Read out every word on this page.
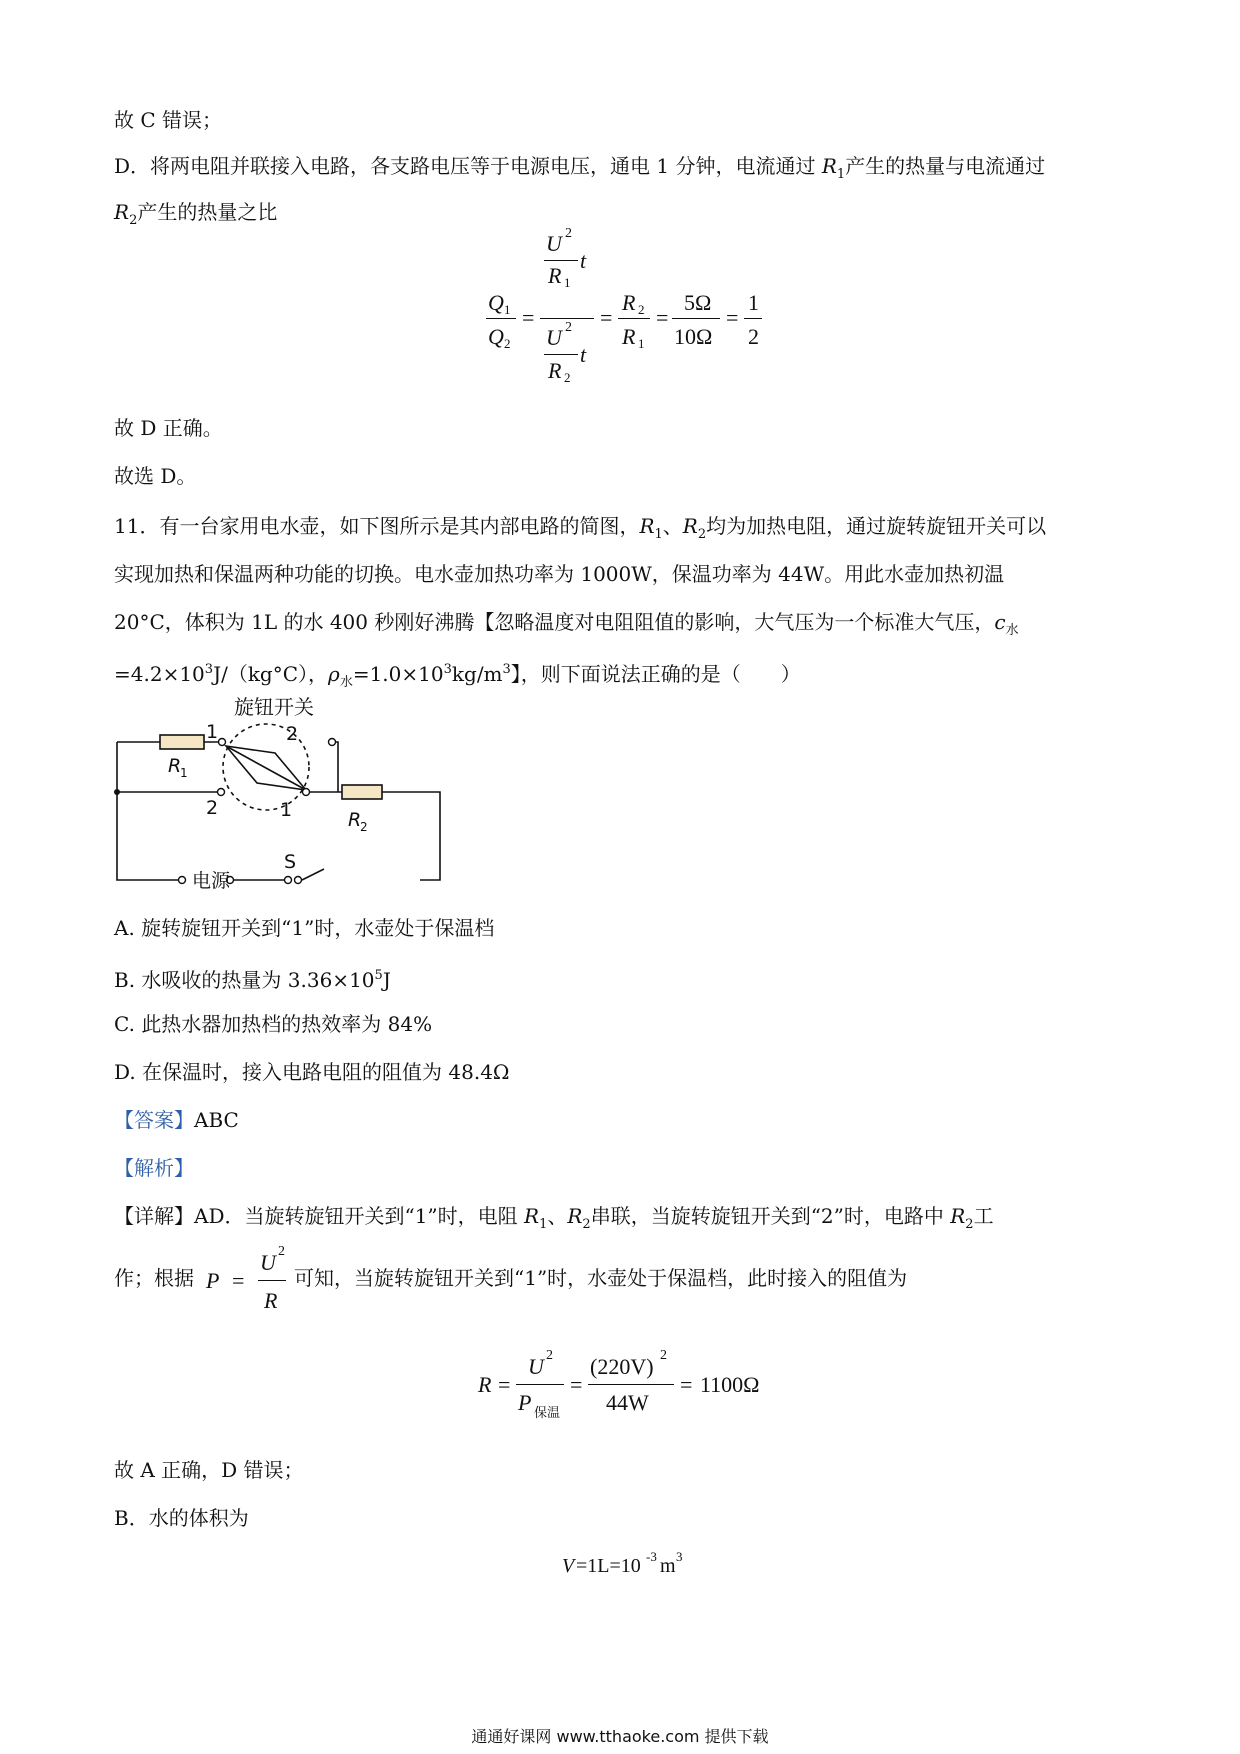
故 C 错误；
D．将两电阻并联接入电路，各支路电压等于电源电压，通电 1 分钟，电流通过 $R_1$产生的热量与电流通过
$R_2$产生的热量之比
U 2
t
R 1
Q 1
Q 2
=
U 2
t
R 2
=
R 2
R 1
=
5Ω
10Ω
=
1
2
故 D 正确。
故选 D。
11．有一台家用电水壶，如下图所示是其内部电路的简图，$R_1$、$R_2$均为加热电阻，通过旋转旋钮开关可以
实现加热和保温两种功能的切换。电水壶加热功率为 1000W，保温功率为 44W。用此水壶加热初温
20°C，体积为 1L 的水 400 秒刚好沸腾【忽略温度对电阻阻值的影响，大气压为一个标准大气压，$c_水$
$=4.2\times 10^3J/(kg^\circ C)$，$\rho_水=1.0\times 10^3kg/m^3$】，则下面说法正确的是（　　）
旋钮开关
R
1
R
2
1	2
2	1
S
电源
A. 旋转旋钮开关到“1”时，水壶处于保温档
B. 水吸收的热量为 $3.36\times 10^5J$
C. 此热水器加热档的热效率为 84%
D. 在保温时，接入电路电阻的阻值为 48.4Ω
【答案】ABC
【解析】
【详解】AD．当旋转旋钮开关到“1”时，电阻 $R_1$、$R_2$串联，当旋转旋钮开关到“2”时，电路中 $R_2$工
作；根据 P =
U 2
R
可知，当旋转旋钮开关到“1”时，水壶处于保温档，此时接入的阻值为
R =
U 2
P 保温
=
(220V) 2
44W
= 1100Ω
故 A 正确，D 错误；
B．水的体积为
V =1L=10 -3 m 3
通通好课网 www.tthaoke.com 提供下载
